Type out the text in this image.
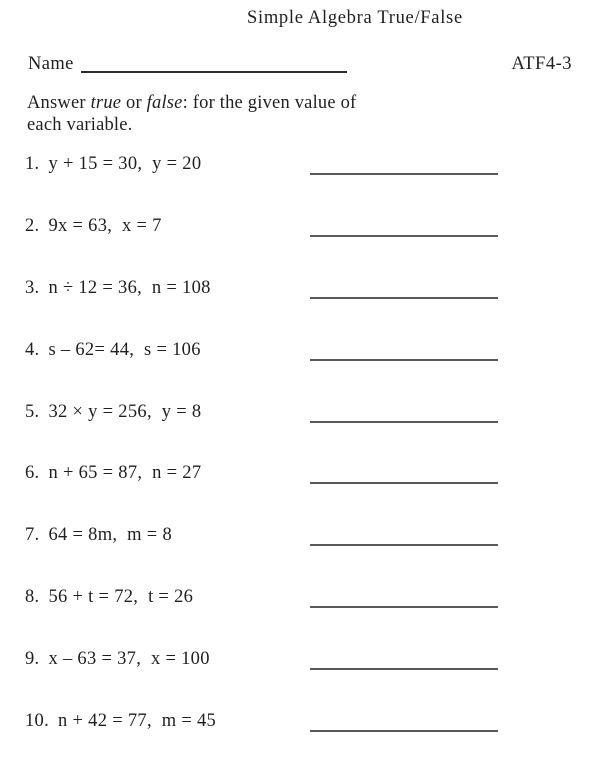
Simple Algebra True/False
Name	ATF4-3
Answer true or false: for the given value of
each variable.
1. y + 15 = 30,  y = 20
2. 9x = 63,  x = 7
3. n ÷ 12 = 36,  n = 108
4. s – 62= 44,  s = 106
5. 32 × y = 256,  y = 8
6. n + 65 = 87,  n = 27
7. 64 = 8m,  m = 8
8. 56 + t = 72,  t = 26
9. x – 63 = 37,  x = 100
10. n + 42 = 77,  m = 45
